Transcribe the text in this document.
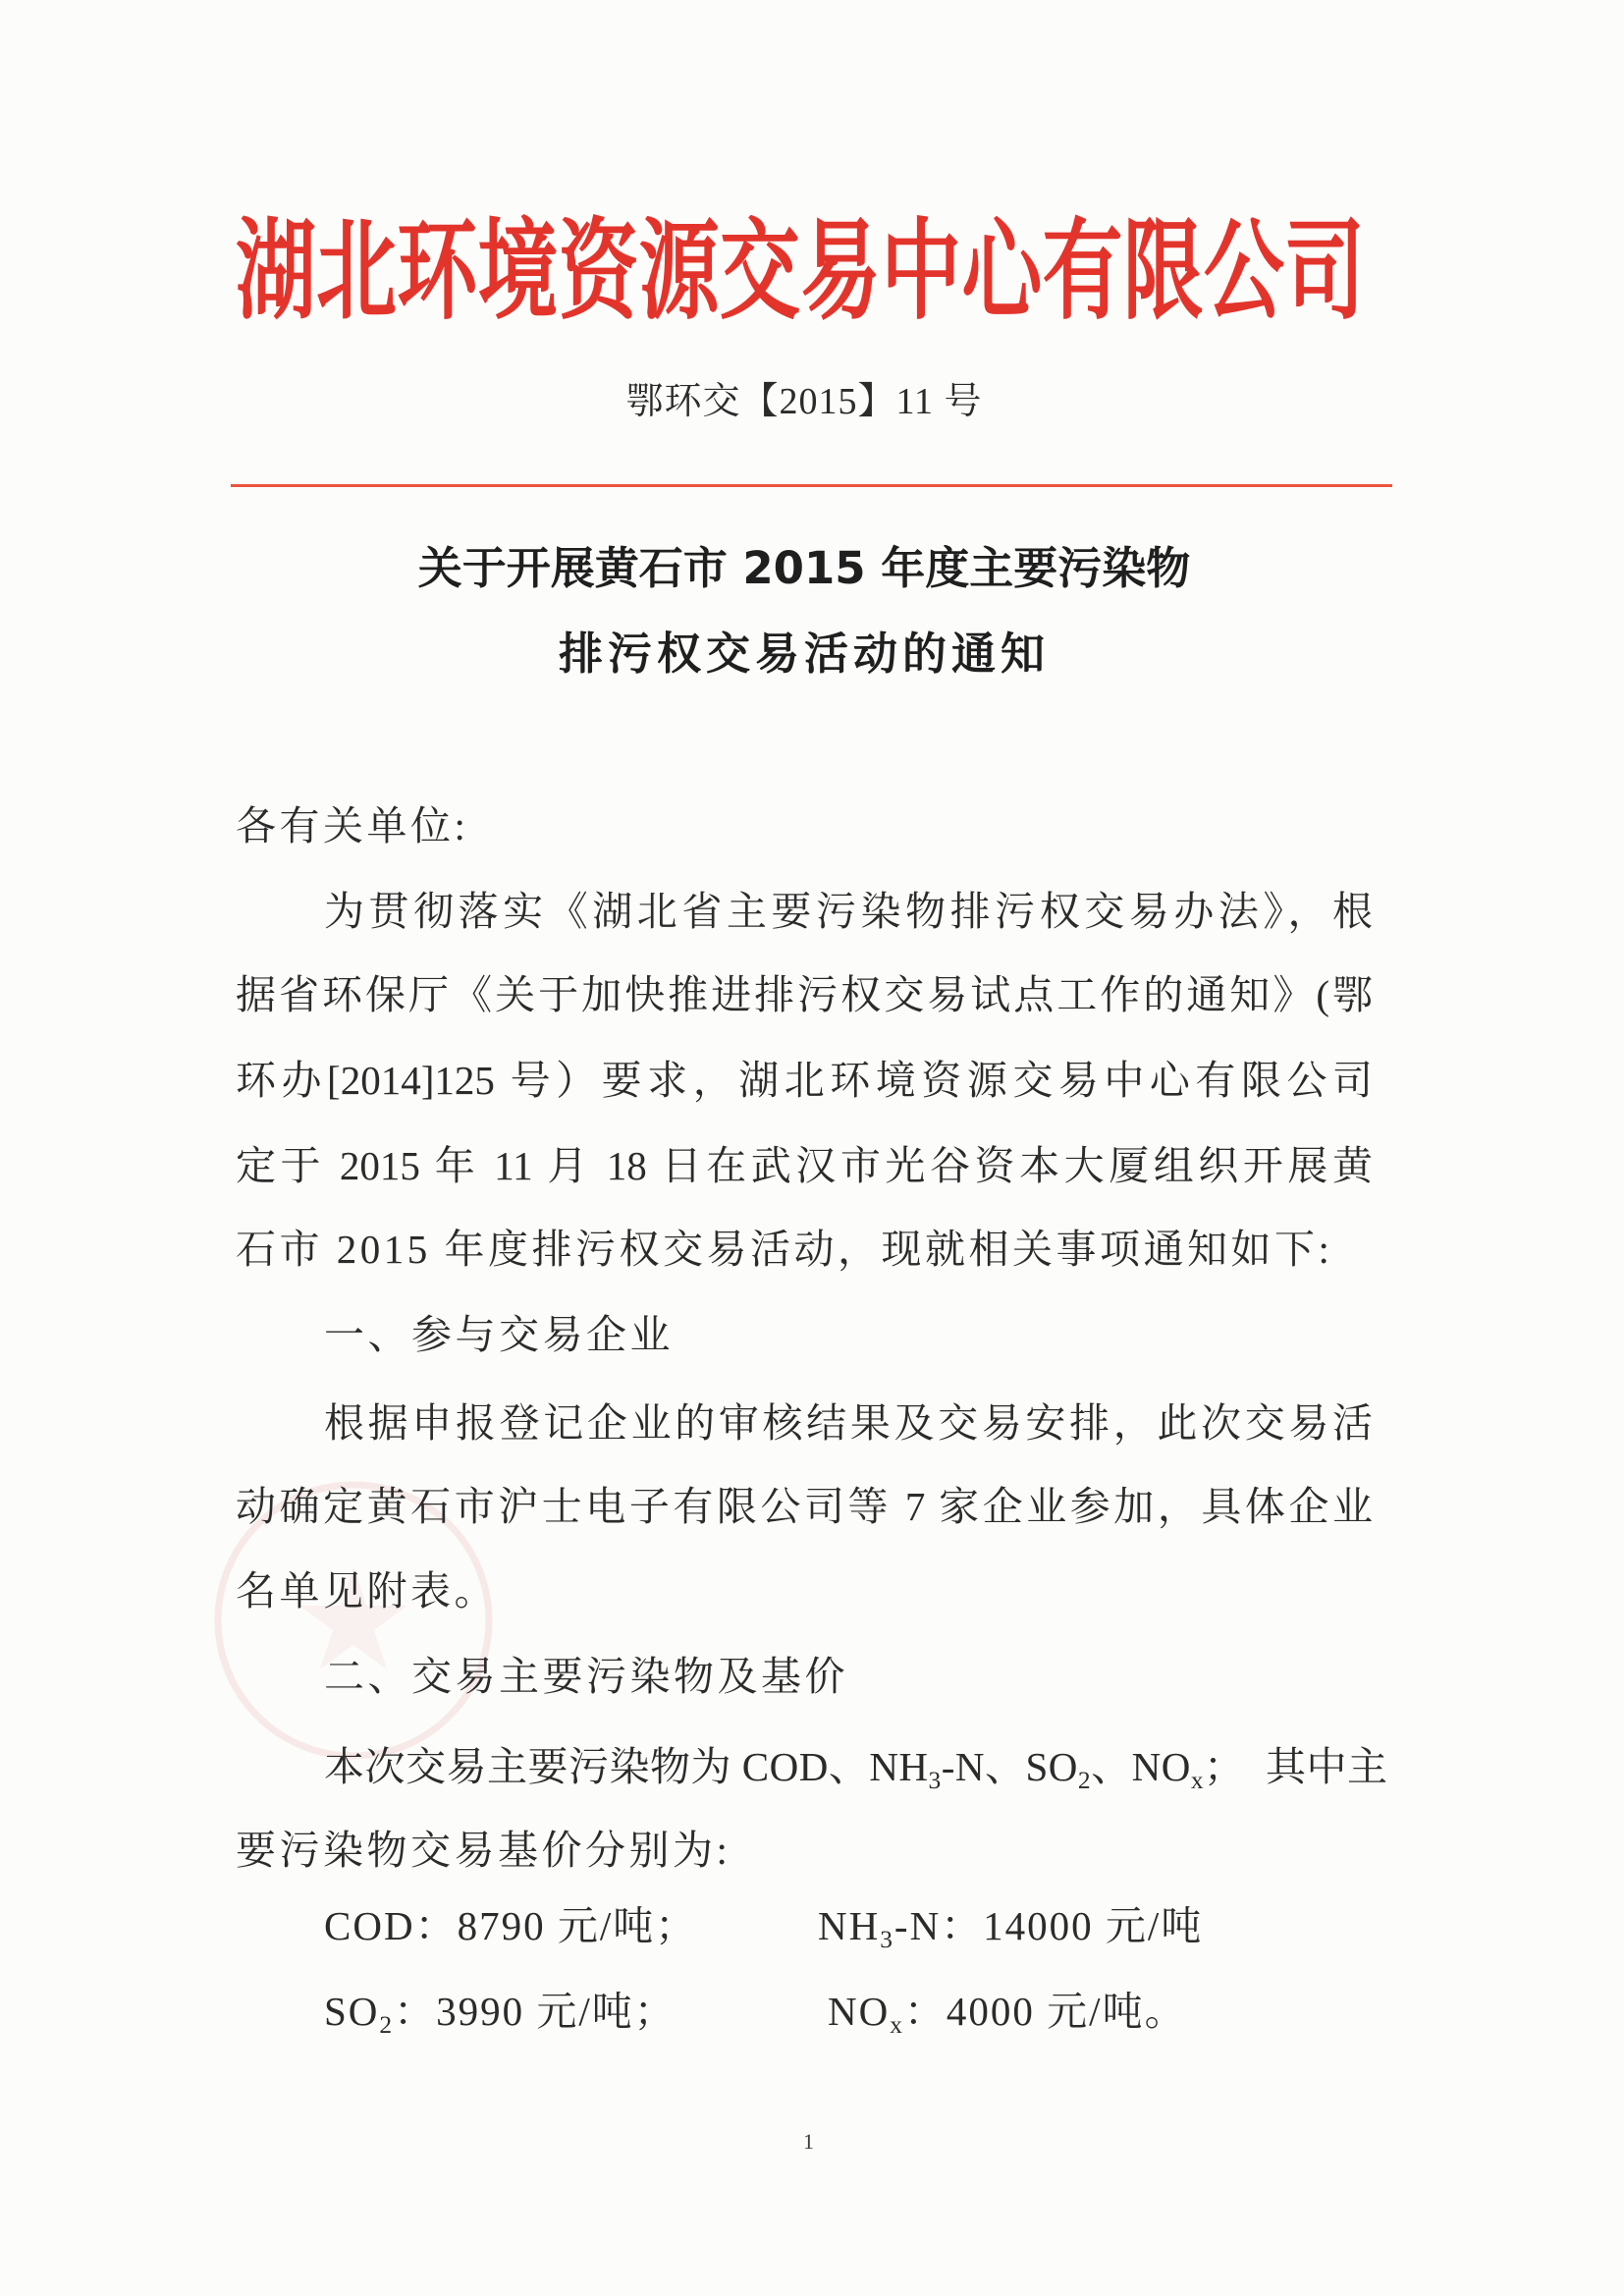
湖北环境资源交易中心有限公司
鄂环交【2015】11 号
关于开展黄石市 2015 年度主要污染物
排污权交易活动的通知
各有关单位:
为贯彻落实《湖北省主要污染物排污权交易办法》，根
据省环保厅《关于加快推进排污权交易试点工作的通知》(鄂
环办[2014]125 号）要求，湖北环境资源交易中心有限公司
定于 2015 年 11 月 18 日在武汉市光谷资本大厦组织开展黄
石市 2015 年度排污权交易活动，现就相关事项通知如下:
一、参与交易企业
根据申报登记企业的审核结果及交易安排，此次交易活
动确定黄石市沪士电子有限公司等 7 家企业参加，具体企业
名单见附表。
二、交易主要污染物及基价
本次交易主要污染物为 COD、$NH_3-N$、$SO_2$、$NO_x$；  其中主
要污染物交易基价分别为:
COD：8790 元/吨；	$NH_3-N$：14000 元/吨
$SO_2$：3990 元/吨；	$NO_x$：4000 元/吨。
1
